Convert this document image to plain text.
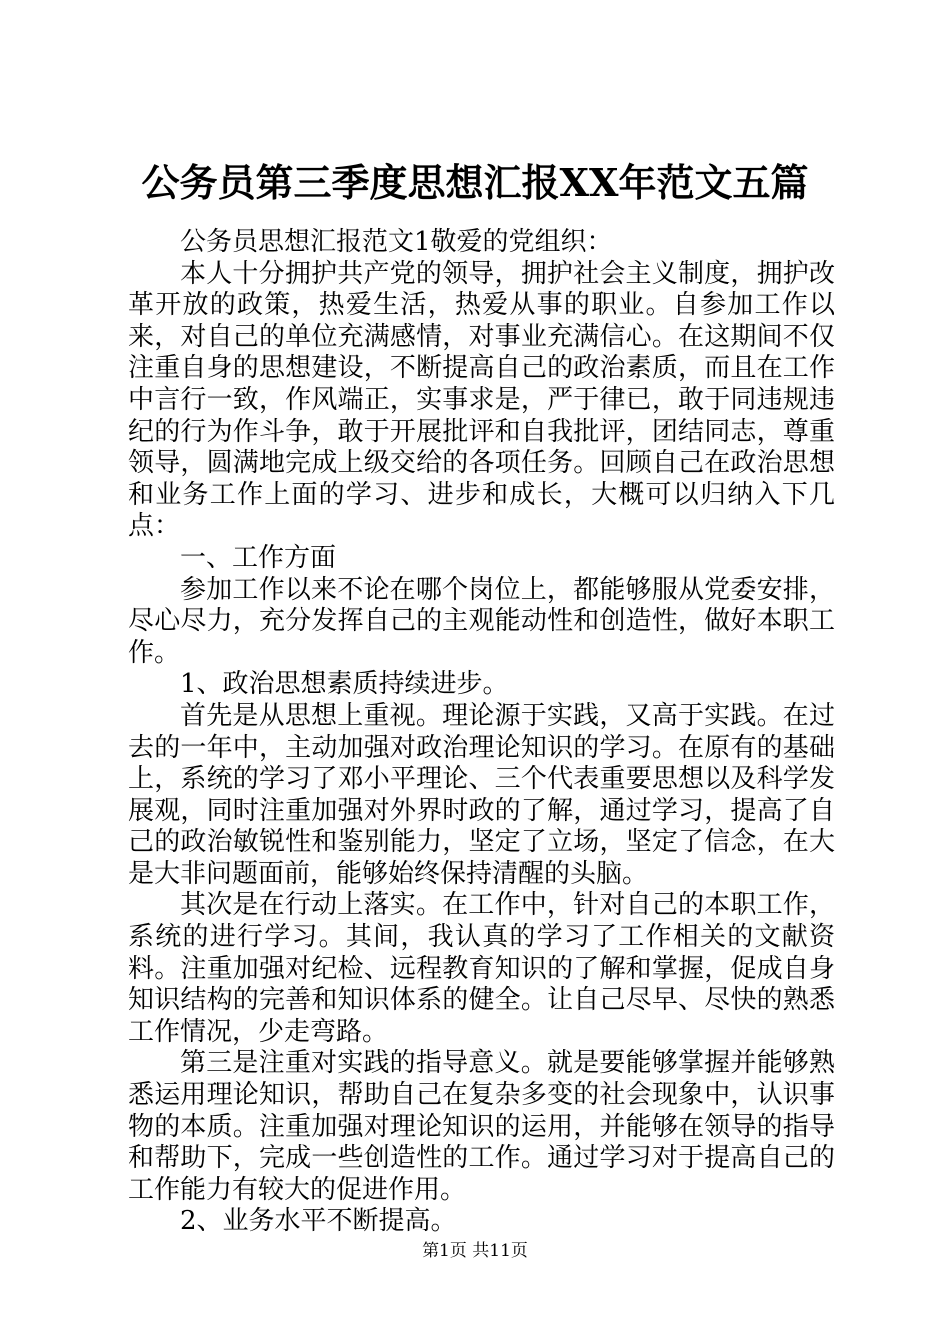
公务员第三季度思想汇报XX年范文五篇

公务员思想汇报范文1敬爱的党组织：

本人十分拥护共产党的领导，拥护社会主义制度，拥护改革开放的政策，热爱生活，热爱从事的职业。自参加工作以来，对自己的单位充满感情，对事业充满信心。在这期间不仅注重自身的思想建设，不断提高自己的政治素质，而且在工作中言行一致，作风端正，实事求是，严于律已，敢于同违规违纪的行为作斗争，敢于开展批评和自我批评，团结同志，尊重领导，圆满地完成上级交给的各项任务。回顾自己在政治思想和业务工作上面的学习、进步和成长，大概可以归纳入下几点：

一、工作方面

参加工作以来不论在哪个岗位上，都能够服从党委安排，尽心尽力，充分发挥自己的主观能动性和创造性，做好本职工作。

1、政治思想素质持续进步。

首先是从思想上重视。理论源于实践，又高于实践。在过去的一年中，主动加强对政治理论知识的学习。在原有的基础上，系统的学习了邓小平理论、三个代表重要思想以及科学发展观，同时注重加强对外界时政的了解，通过学习，提高了自己的政治敏锐性和鉴别能力，坚定了立场，坚定了信念，在大是大非问题面前，能够始终保持清醒的头脑。

其次是在行动上落实。在工作中，针对自己的本职工作，系统的进行学习。其间，我认真的学习了工作相关的文献资料。注重加强对纪检、远程教育知识的了解和掌握，促成自身知识结构的完善和知识体系的健全。让自己尽早、尽快的熟悉工作情况，少走弯路。

第三是注重对实践的指导意义。就是要能够掌握并能够熟悉运用理论知识，帮助自己在复杂多变的社会现象中，认识事物的本质。注重加强对理论知识的运用，并能够在领导的指导和帮助下，完成一些创造性的工作。通过学习对于提高自己的工作能力有较大的促进作用。

2、业务水平不断提高。

第1页 共11页
